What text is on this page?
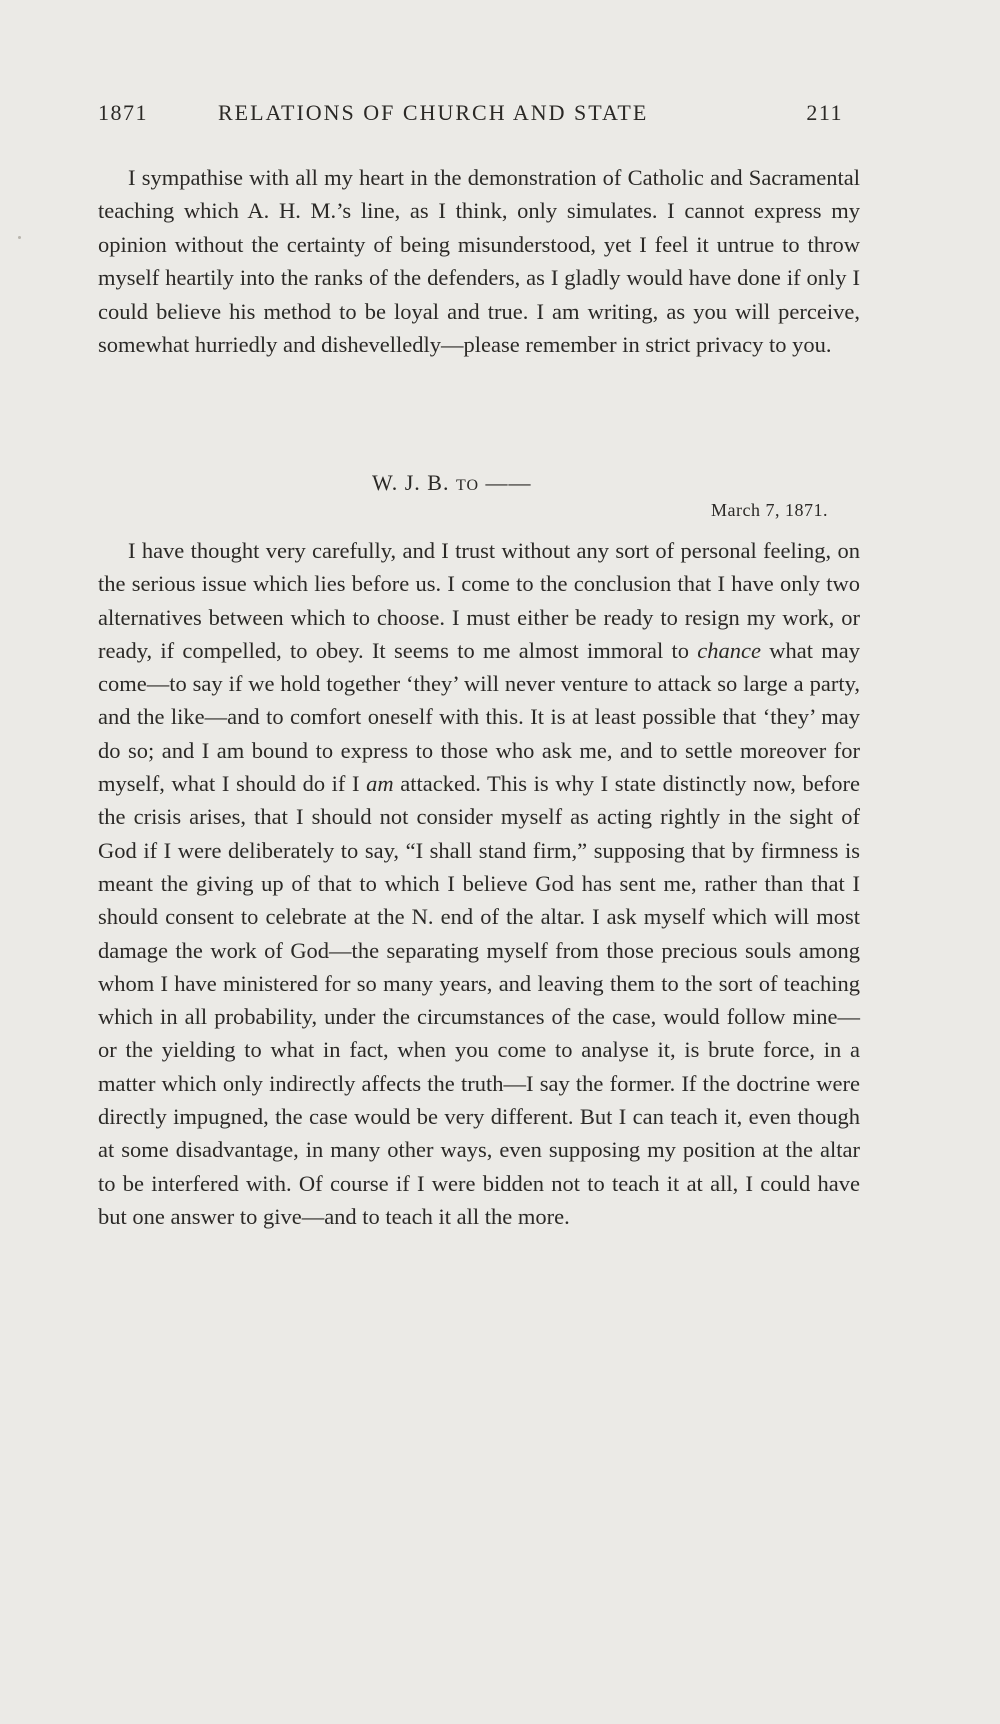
1871	RELATIONS OF CHURCH AND STATE	211

I sympathise with all my heart in the demonstration of Catholic and Sacramental teaching which A. H. M.’s line, as I think, only simulates. I cannot express my opinion without the certainty of being misunderstood, yet I feel it untrue to throw myself heartily into the ranks of the defenders, as I gladly would have done if only I could believe his method to be loyal and true. I am writing, as you will perceive, somewhat hurriedly and dishevelledly—please remember in strict privacy to you.

W. J. B. TO ——
March 7, 1871.

I have thought very carefully, and I trust without any sort of personal feeling, on the serious issue which lies before us. I come to the conclusion that I have only two alternatives between which to choose. I must either be ready to resign my work, or ready, if compelled, to obey. It seems to me almost immoral to chance what may come—to say if we hold together ‘they’ will never venture to attack so large a party, and the like—and to comfort oneself with this. It is at least possible that ‘they’ may do so; and I am bound to express to those who ask me, and to settle moreover for myself, what I should do if I am attacked. This is why I state distinctly now, before the crisis arises, that I should not consider myself as acting rightly in the sight of God if I were deliberately to say, “I shall stand firm,” supposing that by firmness is meant the giving up of that to which I believe God has sent me, rather than that I should consent to celebrate at the N. end of the altar. I ask myself which will most damage the work of God—the separating myself from those precious souls among whom I have ministered for so many years, and leaving them to the sort of teaching which in all probability, under the circumstances of the case, would follow mine—or the yielding to what in fact, when you come to analyse it, is brute force, in a matter which only indirectly affects the truth—I say the former. If the doctrine were directly impugned, the case would be very different. But I can teach it, even though at some disadvantage, in many other ways, even supposing my position at the altar to be interfered with. Of course if I were bidden not to teach it at all, I could have but one answer to give—and to teach it all the more.
